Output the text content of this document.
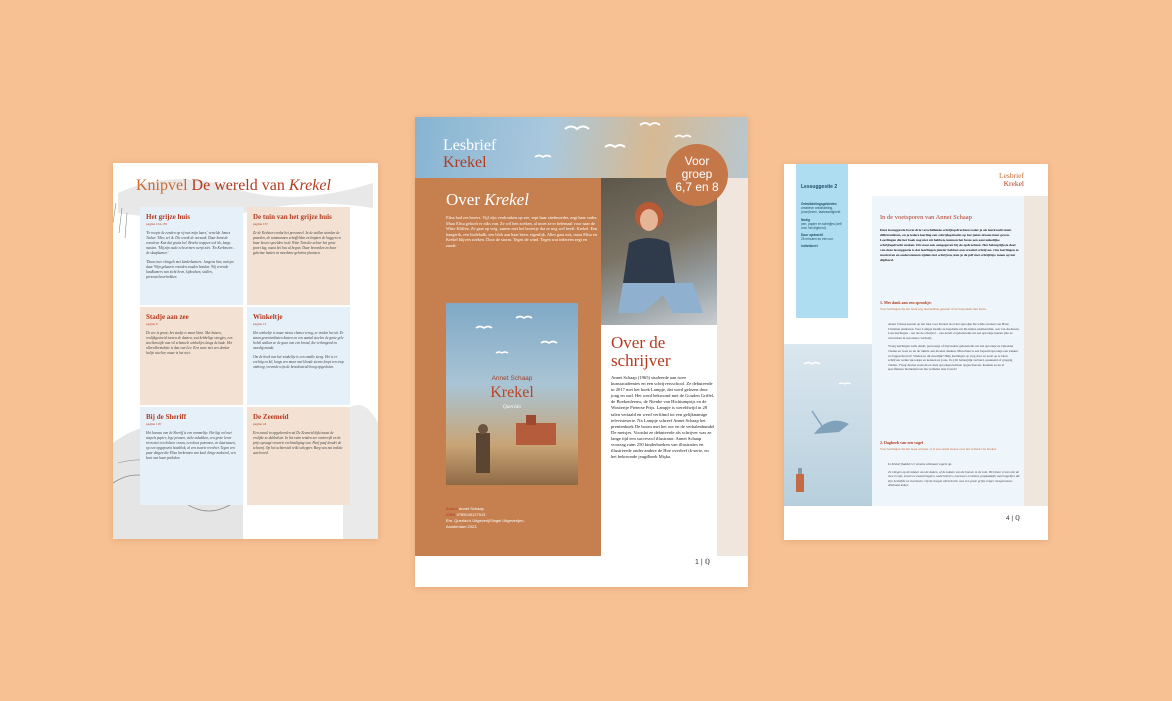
Knipvel De wereld van Krekel
Het grijze huis
pagina 154-155

'Er roepte de eenden op rij met mijn laars,' vertelde James Tucker. 'Hier, zei ik. Die wordt de oorzaak. Daar komt de voordeur. Kan dat gratis bel. Broeke trappen wel tik, langs masten. 'Mij zijn oude echt armen werpt niet. 'En Kerkmeier... de slaapkamer.'

'Daan twee vleugels met kinderkamers. Jongens hier, meisjes daar. Wijn gekaarte voorden zouden honden. Wij ervende landkamers van zicht heen, kijkvalsen, stallen, personeelsvertrekken.

De tuin van het grijze huis
pagina 157

Ze de Kedsten vordat het personeel. In de stallen stonden de paarden, de tuinmannen schoffelden en knipten de heggen en haar bewes speelden in de Witte Tuin die achter het grote poort lag, naast het bos al begon. Daar bevonden zo haar geheime hutten en moedeme geheime plantsen.

Stadje aan zee
pagina 9

De zee is groot; het stadje is maar klein. Met huizen, vrolijkgestreid toezen de duinen, wat kebbelige steegjes, een stoeltenstijle aan vil schamele winkeltjes langs de kade. Het allerallermabste is dan van Lee. Een ware met een donker halije stoelter, maar is het niet.

Winkeltje
pagina 12

Het winkeltje is maar nieuw chance terug, ze vinden het uit. Er staan groentenkisten kasten en een aantal stoelen de grote gele bolvil stalken ze de gaar van een brood, die verlangend en moedig maakt.

Om de hoek van het winkeltje is een smalle steeg. Het is er vochtig en kil, langs een muur met klonde steens loopt een trap omhoog, vreemde wijn de broodostrali boog opgesloten.

Bij de Sheriff
pagina 118

Het bureau van de Sheriff is een rommeltje. Het ligt vol met stapels papier, lege pennen, vuile asbakken, een grote leren riem met een holster eraan, een doos patronen, en daartussen, op een opgepoetst houtblok, al een zwarte revolver. Tegen een paar dingen die Elisa herkennen van kaal dirige makwrol, een kooi van haar potloden.

De Zeemeid
pagina 41

Een zwaal in opgekeerden uit De Zeemeid kijkt naast de vrolijke ze dubbelsen. In het ruim renden zee oneirerijk en de prijs spruugt vroarrie vechtvaliging van. Paaf paaf dondri de schoenf. Op het achtersiek reikt schepper. Berg van nat traktie aan boord.

Lesbrief
Krekel	Voor
groep
6,7 en 8
Over Krekel
Elisa had zes broers. Vijf zijn verdronken op zee, sept haar stiefmoeder, zegt haar vader. Maar Elisa gelooft er niks van. Ze wil hen zoeken, al moet ze er helemaal voor naar de Witte Kliffen. Ze gaat op weg, samen met het broertje dat ze nog wel heeft: Krekel. Een bangerik, een huilebalk, een blok aan haar been, eigenlijk. Alles gaat mis, maar Elisa en Krekel blijven zoeken. Door de storm. Tegen de wind. Tegen wat iedereen zegt en zuudt.
Annet Schaap
Krekel
Querido
Auteur Annet Schaap
ISBN 9789045127513
Em. Querido's Uitgeverij/Singel Uitgeverijen,
Amsterdam 2023
Over de
schrijver
Annet Schaap (1965) studeerde aan twee kunstacademies en een schrijversschool. Ze debuteerde in 2017 met het boek Lampje, dat werd gelezen door jong en oud. Het werd bekroond met de Gouden Griffel, de Boekenleeuw, de Nienke van Hichtumprijs en de Woutertje Pieterse Prijs. Lampje is wereldwijd in 28 talen vertaald en werd verfilmd tot een gelijknamige televisieserie. Na Lampje schreef Annet Schaap het prentenboek De boom met het oor en de verhalenbundel De meisjes. Voordat ze debuteerde als schrijver was ze lange tijd een succesvol illustrator. Annet Schaap voorzag ruim 250 kinderboeken van illustraties en illustreerde onder andere de Hoe overleef ik-serie, en het bekroonde jeugdboek Mişka.
1 | ℚ
Lessuggestie 2
Ontwikkelingsgebieden
creatieve ontwikkeling, (voor)lezen, taalvaardigheid
Nodig
pen, papier en schrijfjes (zelf voor het digibord)
Duur opdracht
25 minuten en een uur
Individueel
Lesbrief
Krekel
In de voetsporen van Annet Schaap
Deze lessuggestie bevat drie verschillende schrijfopdrachten zodat je als leerkracht kunt differentiëren, en je iedere leerling een schrijfopdracht op het juiste niveau kunt geven. Leerlingen die het boek nog niet uit hebben, kunnen het beste een aanvankelijke schrijfopdracht maken. Dit staat ook aangegeven bij de opdrachten. Het belangrijkste doel van deze lessuggestie is dat leerlingen plezier hebben aan creatief schrijven. Ons leerlingen te motiveren en ondersteunen tijdens het schrijven, kun je de pdf met schrijftips tonen op het digibord.
1. Met dank aan een sprookje:
Voor leerlingen die het boek nog niet hebben gelezen of net begonnen met lezen.

Annet Schaap keerde op het idee voor Krekel door het sprookje De wilde zwanen van Hans Christian Andersen. Voor Lampje haalde ze inspiratie uit De kleine zeemeermin, ook van Andersen. Laat leerlingen – net als de schrijver – een detail of gebeurtenis uit een sprookje kiezen (die ze verwerken in een nieuw verhaal).

Vraag leerlingen welk detail, personage of bijzondere gebeurtenis uit een sprookje ze bijzonder vinden en waar ze nu de ruimte aan moeten denken. Misschien is een bepaald sprookje een trekker tot bijgeschreven? Vinden ze dit moeilijk? Help leerlingen op weg door ze eerst op te laten schrijven welke sprookjes ze kennen en (ook, bv.) dit belangrijk verband, spannend of grappig vinden. Vraag daarna waarom en deze sprookjes hebben opgeschreven. Kunnen ze nu al specifiekere momenten uit die verhalen naar boven?

2. Dagboek van een vogel
Voor leerlingen die het boek al lezen of al een aantal stenen over het verhaal van Krekel.

In Krekel fladdert er iemmie allemaal vogels op.

Ze vliegen op de takken van de daken, of de takken van de bomen in de tuin. Het kleur ervan ziet de mee in zijn, zowel en zwaartrappen, aalscholvers, meeuwen en kleine grapkakkijk soortvogeltjes die zijn hetzelfde en zwemmen. Op de boegel uitverkoren was een grote grijze reiger meegenomen. Allemaal koken

4 | ℚ
